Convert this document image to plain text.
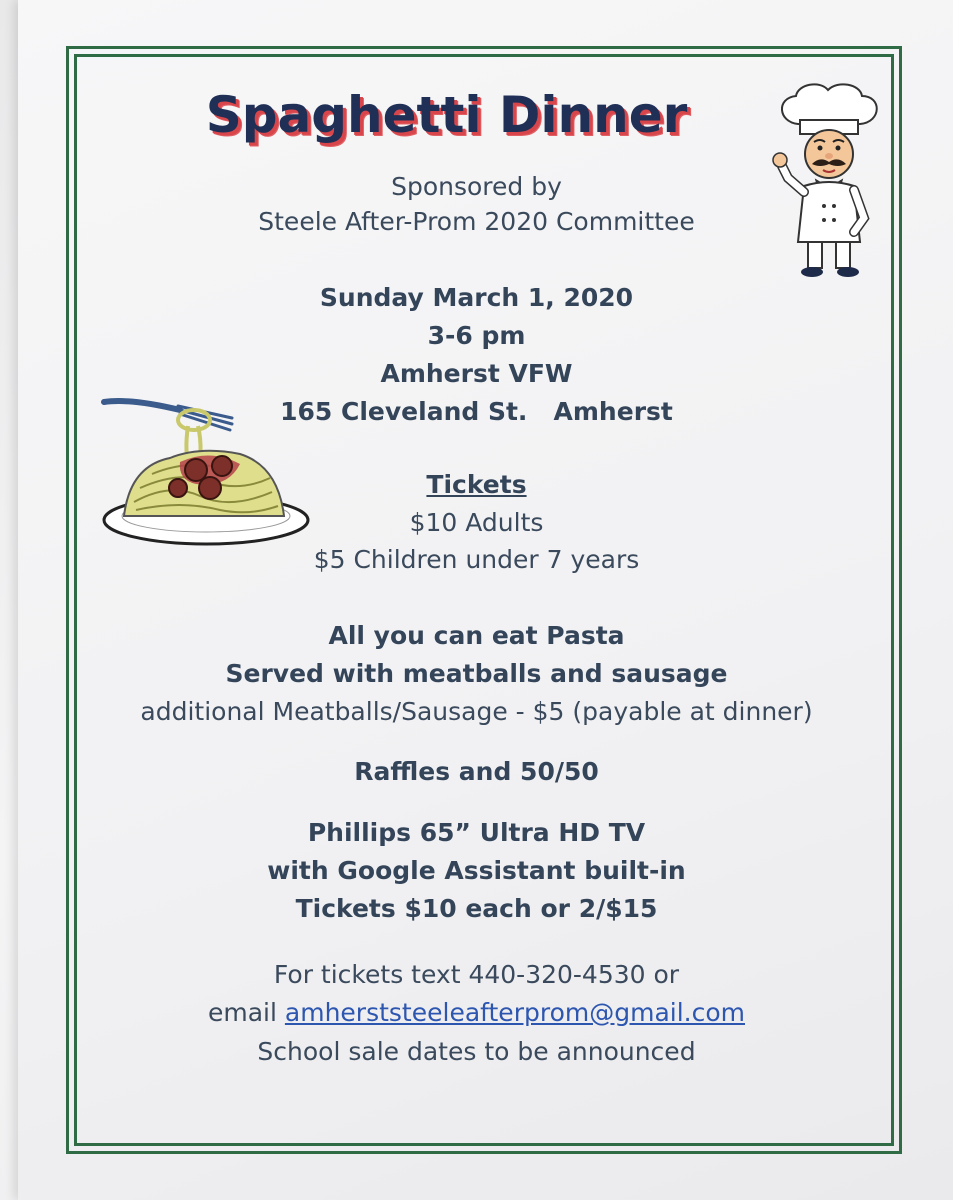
Spaghetti Dinner
Sponsored by
Steele After-Prom 2020 Committee
Sunday March 1, 2020
3-6 pm
Amherst VFW
165 Cleveland St.   Amherst
Tickets
$10 Adults
$5 Children under 7 years
All you can eat Pasta
Served with meatballs and sausage
additional Meatballs/Sausage - $5 (payable at dinner)
Raffles and 50/50
Phillips 65” Ultra HD TV
with Google Assistant built-in
Tickets $10 each or 2/$15
For tickets text 440-320-4530 or
email amherststeeleafterprom@gmail.com
School sale dates to be announced
